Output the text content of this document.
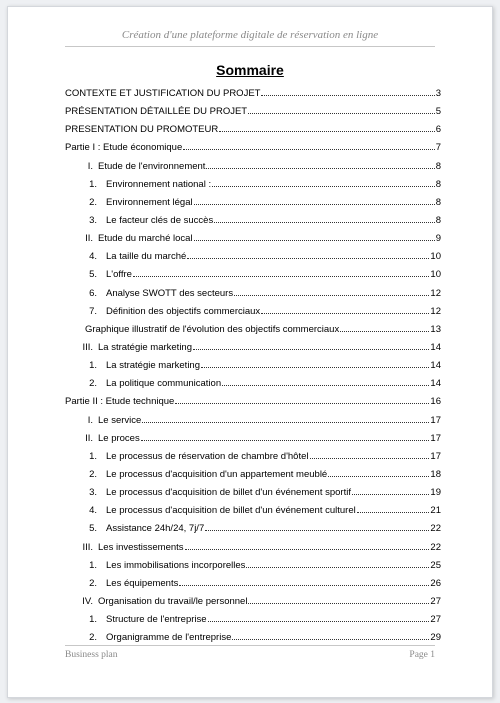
Création d'une plateforme digitale de réservation en ligne
Sommaire
CONTEXTE ET JUSTIFICATION DU PROJET	3
PRÉSENTATION DÉTAILLÉE DU PROJET	5
PRESENTATION DU PROMOTEUR	6
Partie I : Etude économique	7
I. Etude de l'environnement	8
1. Environnement national :	8
2. Environnement légal	8
3. Le facteur clés de succès	8
II. Etude du marché local	9
4. La taille du marché	10
5. L'offre	10
6. Analyse SWOTT des secteurs	12
7. Définition des objectifs commerciaux	12
Graphique illustratif de l'évolution des objectifs commerciaux	13
III. La stratégie marketing	14
1. La stratégie marketing	14
2. La politique communication	14
Partie II : Etude technique	16
I. Le service	17
II. Le proces	17
1. Le processus de réservation de chambre d'hôtel	17
2. Le processus d'acquisition d'un appartement meublé	18
3. Le processus d'acquisition de billet d'un événement sportif	19
4. Le processus d'acquisition de billet d'un événement culturel	21
5. Assistance 24h/24, 7j/7	22
III. Les investissements	22
1. Les immobilisations incorporelles	25
2. Les équipements	26
IV. Organisation du travail/le personnel	27
1. Structure de l'entreprise	27
2. Organigramme de l'entreprise	29
Business plan	Page 1
